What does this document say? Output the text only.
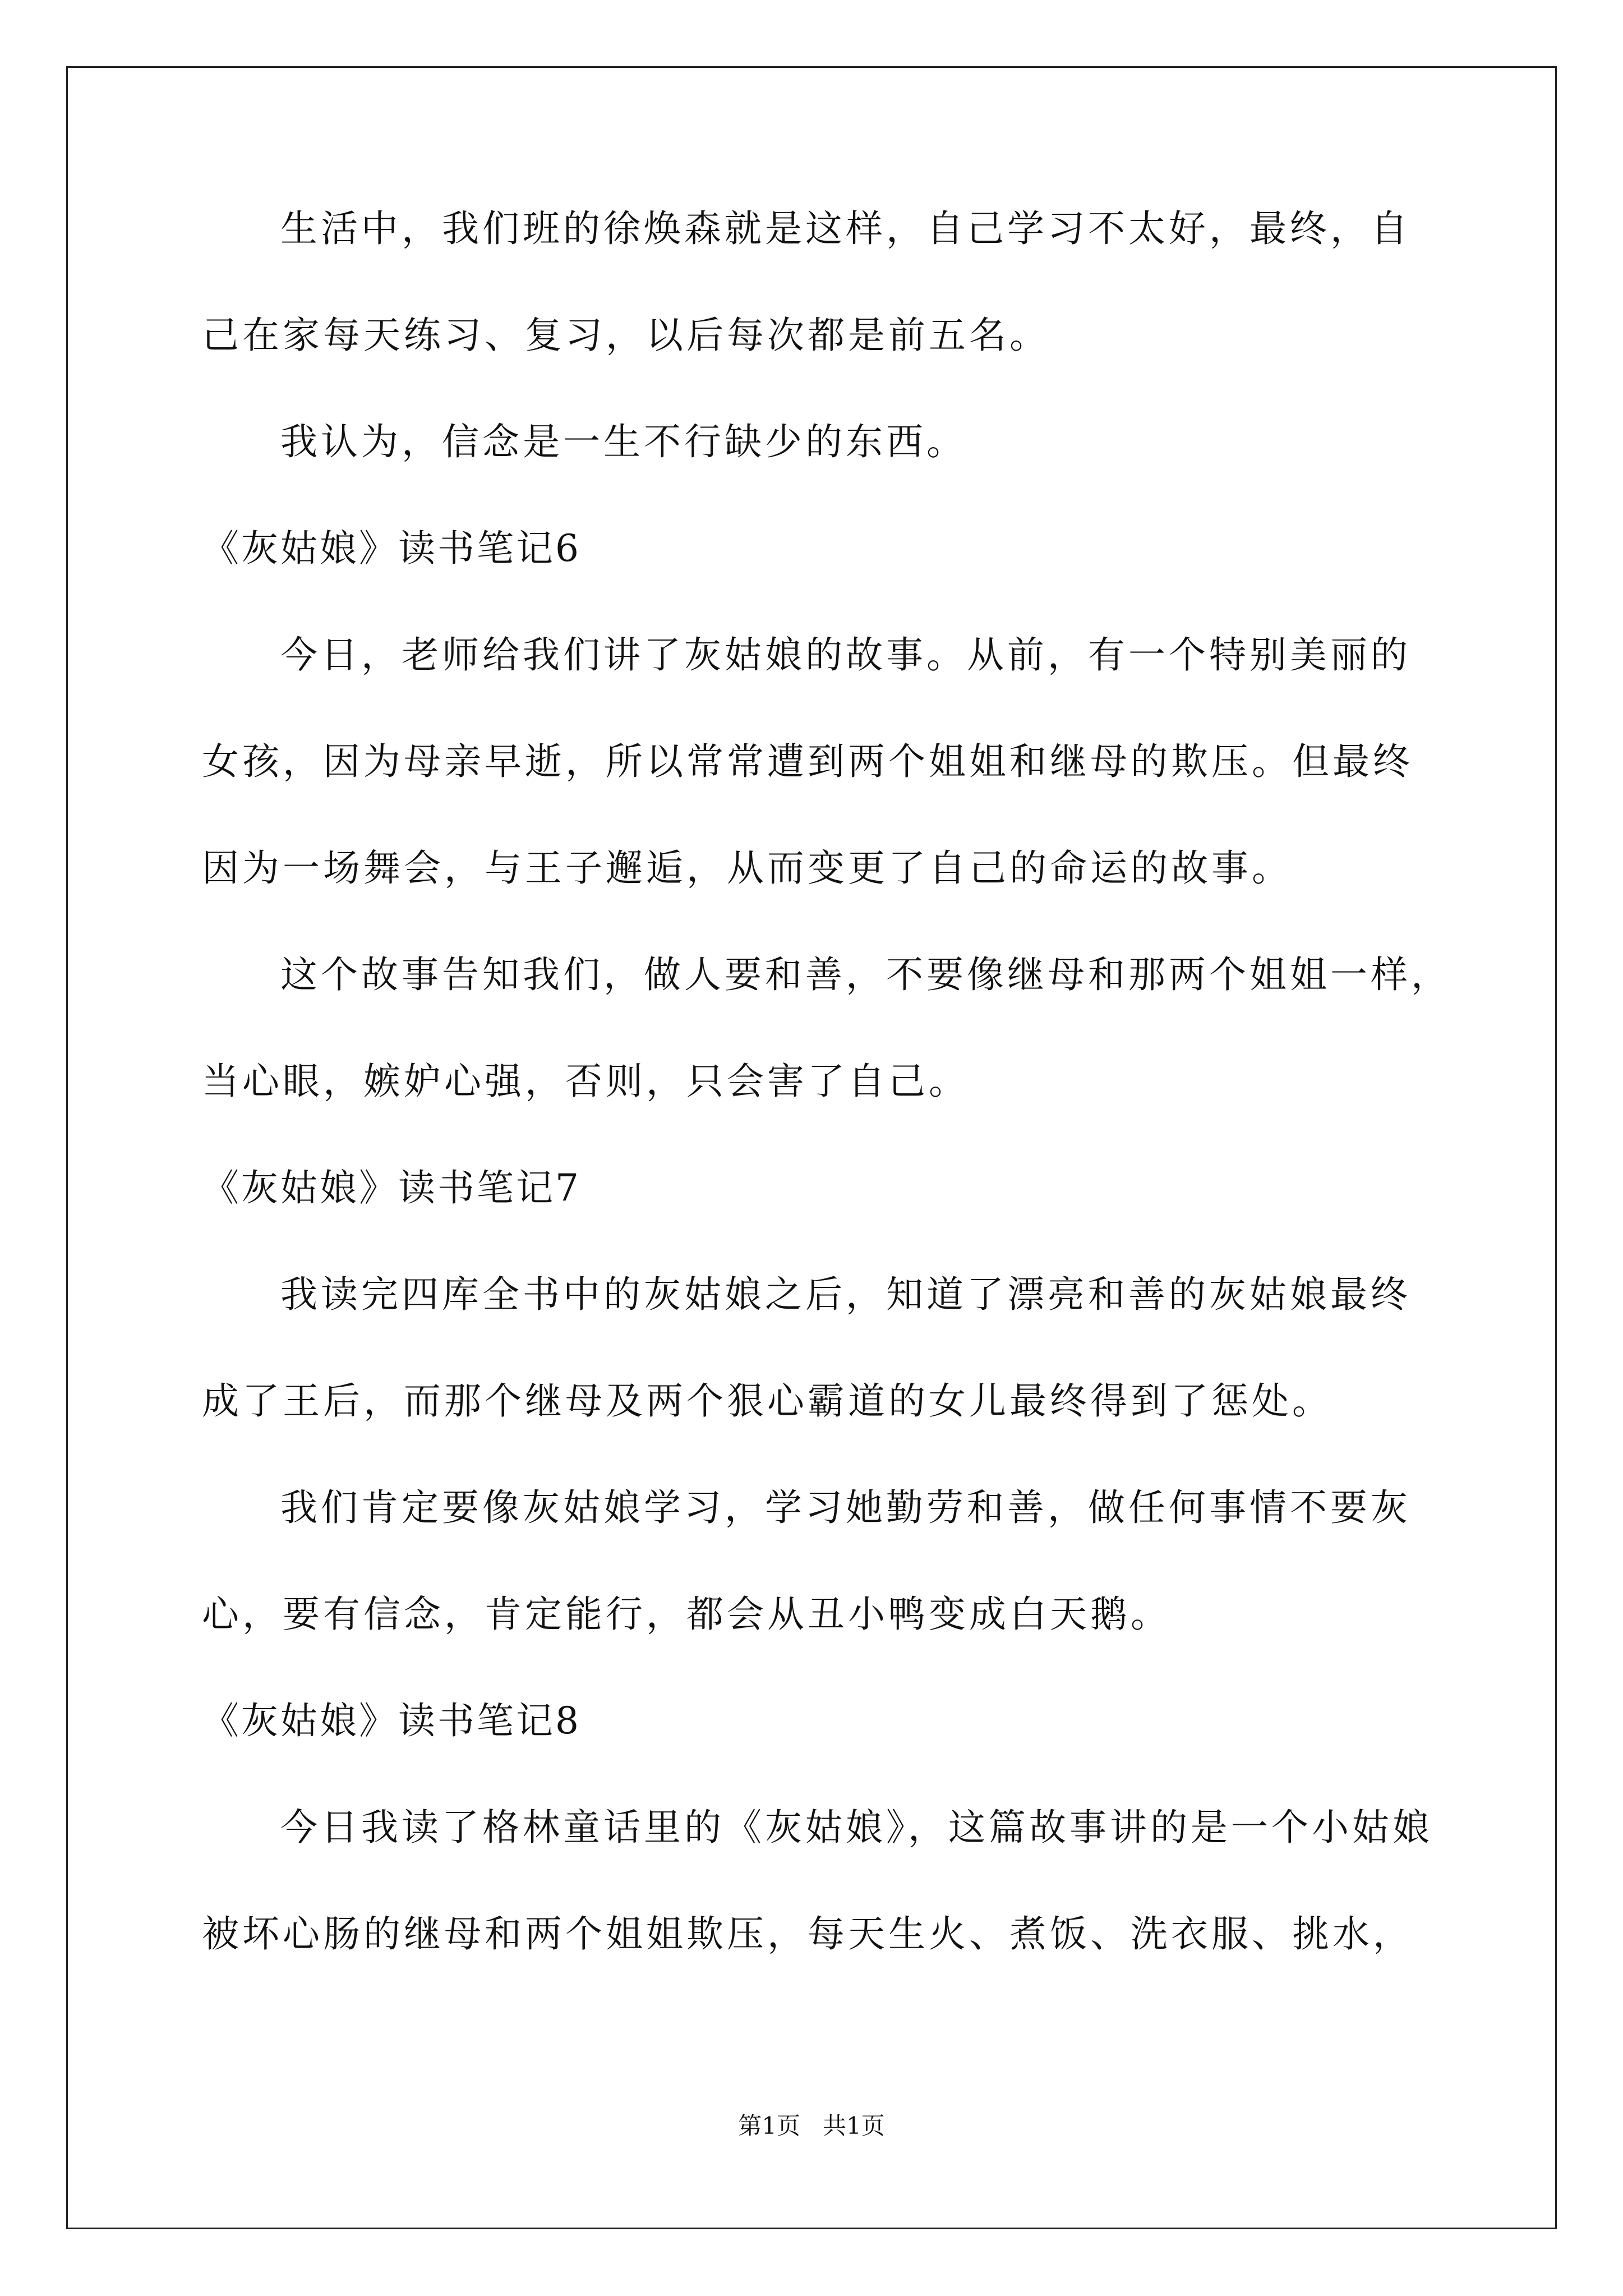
生活中，我们班的徐焕森就是这样，自己学习不太好，最终，自

己在家每天练习、复习，以后每次都是前五名。

我认为，信念是一生不行缺少的东西。

《灰姑娘》读书笔记6

今日，老师给我们讲了灰姑娘的故事。从前，有一个特别美丽的

女孩，因为母亲早逝，所以常常遭到两个姐姐和继母的欺压。但最终

因为一场舞会，与王子邂逅，从而变更了自己的命运的故事。

这个故事告知我们，做人要和善，不要像继母和那两个姐姐一样，

当心眼，嫉妒心强，否则，只会害了自己。

《灰姑娘》读书笔记7

我读完四库全书中的灰姑娘之后，知道了漂亮和善的灰姑娘最终

成了王后，而那个继母及两个狠心霸道的女儿最终得到了惩处。

我们肯定要像灰姑娘学习，学习她勤劳和善，做任何事情不要灰

心，要有信念，肯定能行，都会从丑小鸭变成白天鹅。

《灰姑娘》读书笔记8

今日我读了格林童话里的《灰姑娘》，这篇故事讲的是一个小姑娘

被坏心肠的继母和两个姐姐欺压，每天生火、煮饭、洗衣服、挑水，

第1页 共1页
